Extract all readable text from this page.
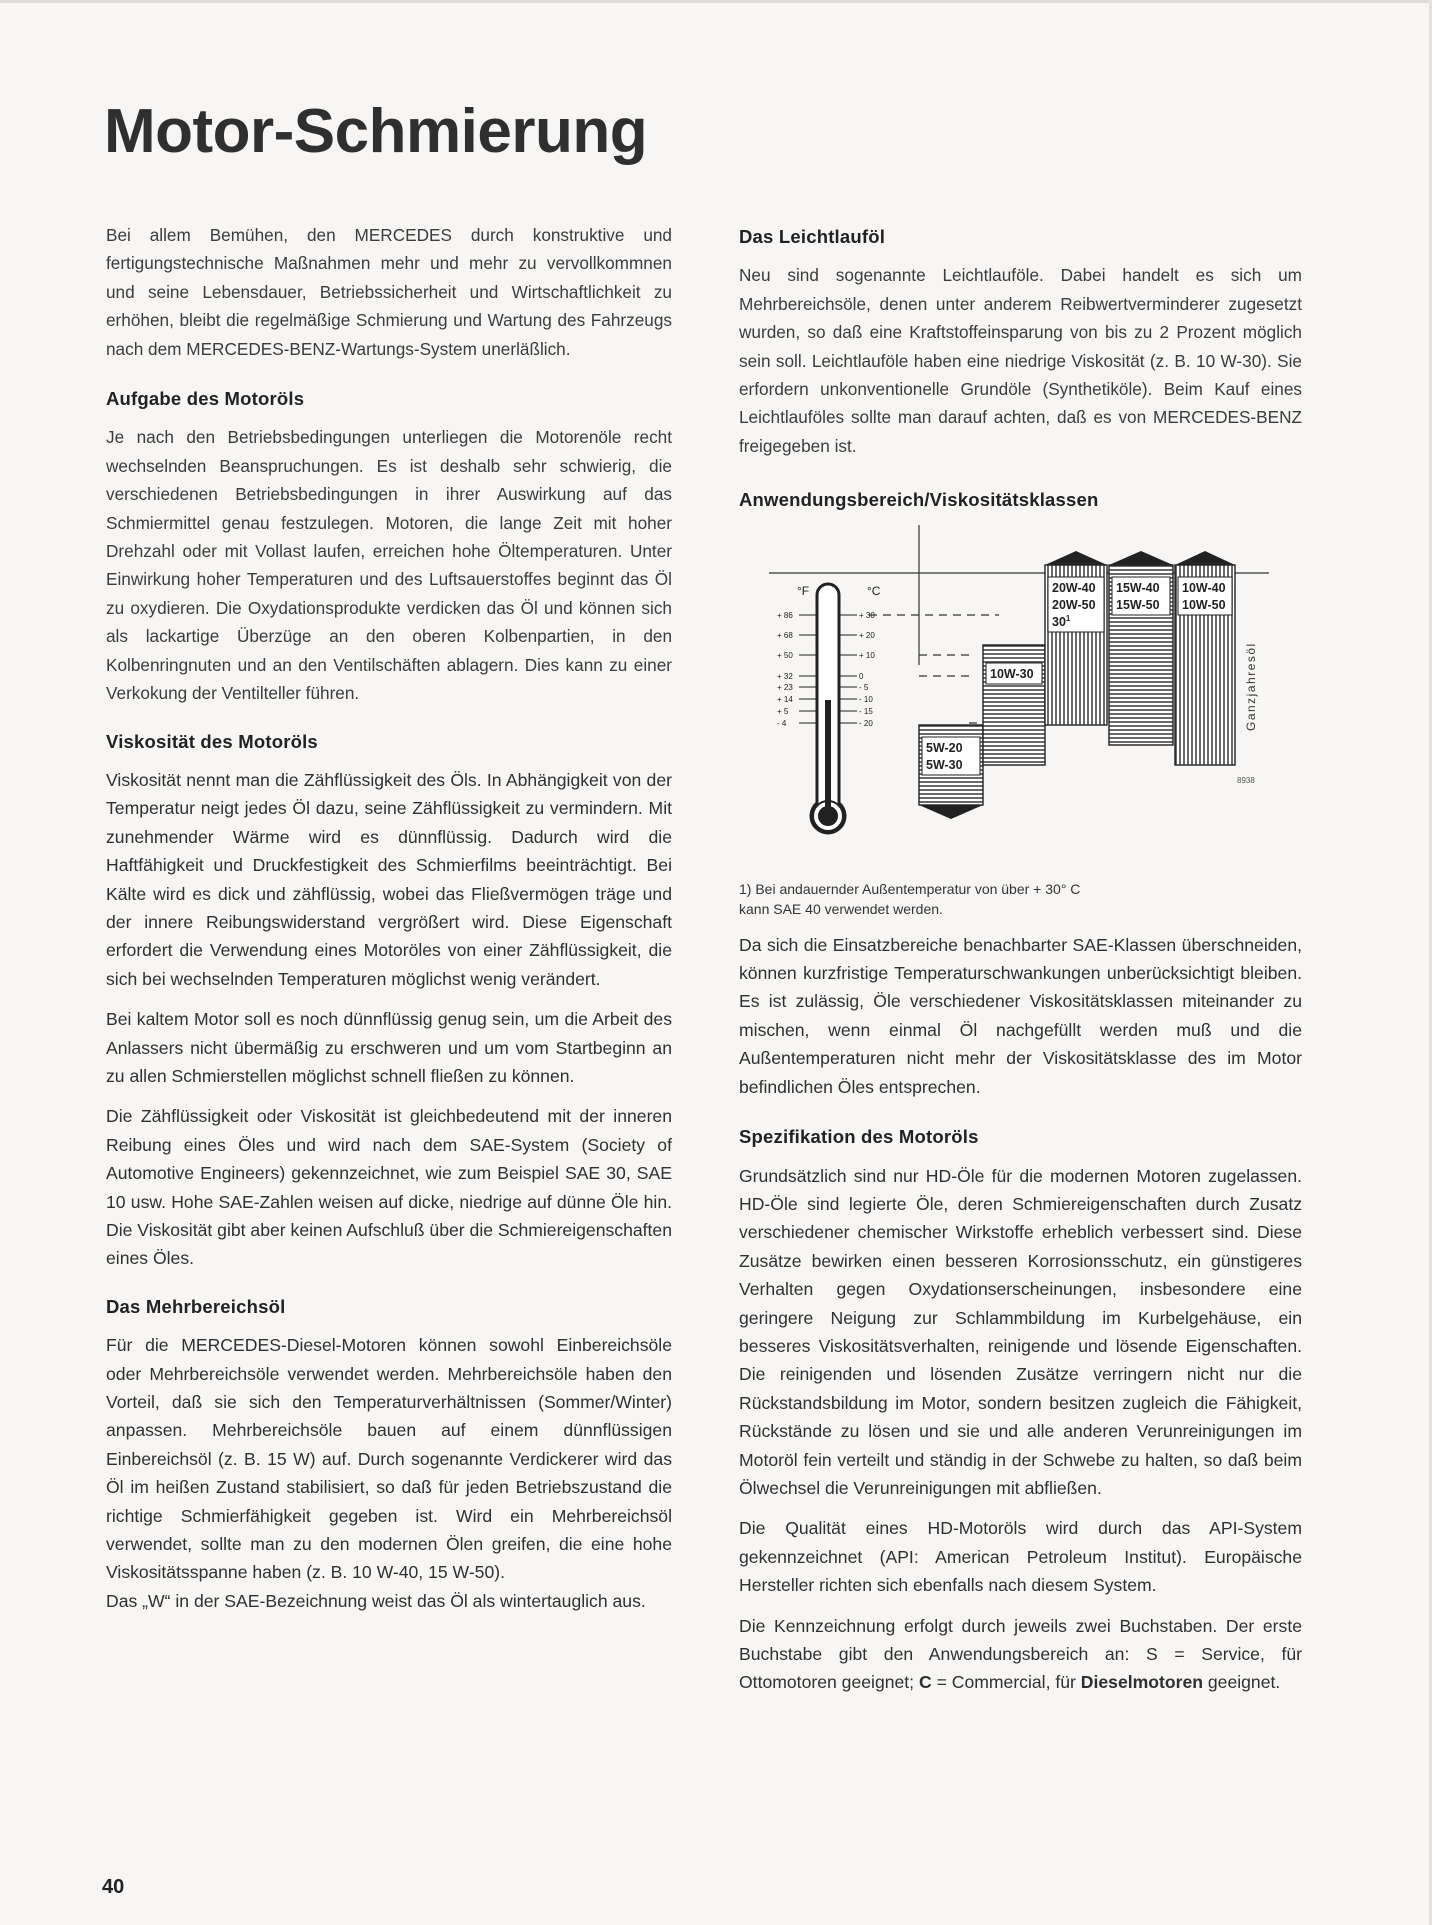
Motor-Schmierung

Bei allem Bemühen, den MERCEDES durch konstruktive und fertigungstechnische Maßnahmen mehr und mehr zu vervollkommnen und seine Lebensdauer, Betriebssicherheit und Wirtschaftlichkeit zu erhöhen, bleibt die regelmäßige Schmierung und Wartung des Fahrzeugs nach dem MERCEDES-BENZ-Wartungs-System unerläßlich.

Aufgabe des Motoröls

Je nach den Betriebsbedingungen unterliegen die Motorenöle recht wechselnden Beanspruchungen. Es ist deshalb sehr schwierig, die verschiedenen Betriebsbedingungen in ihrer Auswirkung auf das Schmiermittel genau festzulegen. Motoren, die lange Zeit mit hoher Drehzahl oder mit Vollast laufen, erreichen hohe Öltemperaturen. Unter Einwirkung hoher Temperaturen und des Luftsauerstoffes beginnt das Öl zu oxydieren. Die Oxydationsprodukte verdicken das Öl und können sich als lackartige Überzüge an den oberen Kolbenpartien, in den Kolbenringnuten und an den Ventilschäften ablagern. Dies kann zu einer Verkokung der Ventilteller führen.

Viskosität des Motoröls

Viskosität nennt man die Zähflüssigkeit des Öls. In Abhängigkeit von der Temperatur neigt jedes Öl dazu, seine Zähflüssigkeit zu vermindern. Mit zunehmender Wärme wird es dünnflüssig. Dadurch wird die Haftfähigkeit und Druckfestigkeit des Schmierfilms beeinträchtigt. Bei Kälte wird es dick und zähflüssig, wobei das Fließvermögen träge und der innere Reibungswiderstand vergrößert wird. Diese Eigenschaft erfordert die Verwendung eines Motoröles von einer Zähflüssigkeit, die sich bei wechselnden Temperaturen möglichst wenig verändert.

Bei kaltem Motor soll es noch dünnflüssig genug sein, um die Arbeit des Anlassers nicht übermäßig zu erschweren und um vom Startbeginn an zu allen Schmierstellen möglichst schnell fließen zu können.

Die Zähflüssigkeit oder Viskosität ist gleichbedeutend mit der inneren Reibung eines Öles und wird nach dem SAE-System (Society of Automotive Engineers) gekennzeichnet, wie zum Beispiel SAE 30, SAE 10 usw. Hohe SAE-Zahlen weisen auf dicke, niedrige auf dünne Öle hin. Die Viskosität gibt aber keinen Aufschluß über die Schmiereigenschaften eines Öles.

Das Mehrbereichsöl

Für die MERCEDES-Diesel-Motoren können sowohl Einbereichsöle oder Mehrbereichsöle verwendet werden. Mehrbereichsöle haben den Vorteil, daß sie sich den Temperaturverhältnissen (Sommer/Winter) anpassen. Mehrbereichsöle bauen auf einem dünnflüssigen Einbereichsöl (z. B. 15 W) auf. Durch sogenannte Verdickerer wird das Öl im heißen Zustand stabilisiert, so daß für jeden Betriebszustand die richtige Schmierfähigkeit gegeben ist. Wird ein Mehrbereichsöl verwendet, sollte man zu den modernen Ölen greifen, die eine hohe Viskositätsspanne haben (z. B. 10 W-40, 15 W-50).

Das „W“ in der SAE-Bezeichnung weist das Öl als wintertauglich aus.

Das Leichtlauföl

Neu sind sogenannte Leichtlauföle. Dabei handelt es sich um Mehrbereichsöle, denen unter anderem Reibwertverminderer zugesetzt wurden, so daß eine Kraftstoffeinsparung von bis zu 2 Prozent möglich sein soll. Leichtlauföle haben eine niedrige Viskosität (z. B. 10 W-30). Sie erfordern unkonventionelle Grundöle (Synthetiköle). Beim Kauf eines Leichtlauföles sollte man darauf achten, daß es von MERCEDES-BENZ freigegeben ist.

Anwendungsbereich/Viskositätsklassen
°F	°C
+ 86	+ 30
+ 68	+ 20
+ 50	+ 10
+ 32	0
+ 23	- 5
+ 14	- 10
+ 5	- 15
- 4	- 20
5W-20
5W-30
10W-30
20W-40
20W-50
$30^1$
15W-40
15W-50
10W-40
10W-50
Ganzjahresöl
8938

1) Bei andauernder Außentemperatur von über + 30° C
kann SAE 40 verwendet werden.

Da sich die Einsatzbereiche benachbarter SAE-Klassen überschneiden, können kurzfristige Temperaturschwankungen unberücksichtigt bleiben. Es ist zulässig, Öle verschiedener Viskositätsklassen miteinander zu mischen, wenn einmal Öl nachgefüllt werden muß und die Außentemperaturen nicht mehr der Viskositätsklasse des im Motor befindlichen Öles entsprechen.

Spezifikation des Motoröls

Grundsätzlich sind nur HD-Öle für die modernen Motoren zugelassen. HD-Öle sind legierte Öle, deren Schmiereigenschaften durch Zusatz verschiedener chemischer Wirkstoffe erheblich verbessert sind. Diese Zusätze bewirken einen besseren Korrosionsschutz, ein günstigeres Verhalten gegen Oxydationserscheinungen, insbesondere eine geringere Neigung zur Schlammbildung im Kurbelgehäuse, ein besseres Viskositätsverhalten, reinigende und lösende Eigenschaften. Die reinigenden und lösenden Zusätze verringern nicht nur die Rückstandsbildung im Motor, sondern besitzen zugleich die Fähigkeit, Rückstände zu lösen und sie und alle anderen Verunreinigungen im Motoröl fein verteilt und ständig in der Schwebe zu halten, so daß beim Ölwechsel die Verunreinigungen mit abfließen.

Die Qualität eines HD-Motoröls wird durch das API-System gekennzeichnet (API: American Petroleum Institut). Europäische Hersteller richten sich ebenfalls nach diesem System.

Die Kennzeichnung erfolgt durch jeweils zwei Buchstaben. Der erste Buchstabe gibt den Anwendungsbereich an: S = Service, für Ottomotoren geeignet; C = Commercial, für Dieselmotoren geeignet.

40
